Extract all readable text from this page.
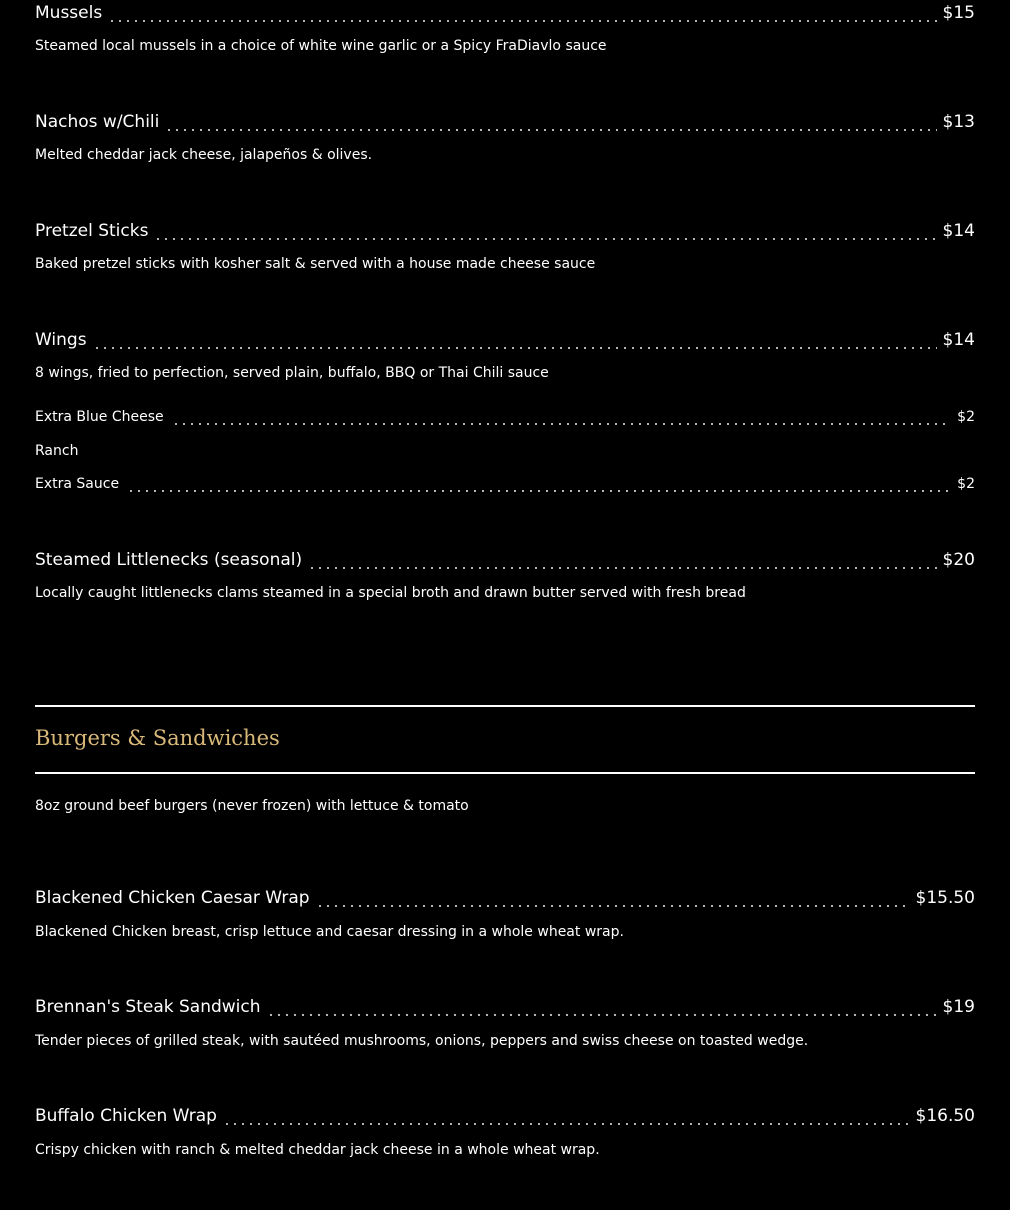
Mussels	$15
Steamed local mussels in a choice of white wine garlic or a Spicy FraDiavlo sauce
Nachos w/Chili	$13
Melted cheddar jack cheese, jalapeños & olives.
Pretzel Sticks	$14
Baked pretzel sticks with kosher salt & served with a house made cheese sauce
Wings	$14
8 wings, fried to perfection, served plain, buffalo, BBQ or Thai Chili sauce
Extra Blue Cheese	$2
Ranch
Extra Sauce	$2
Steamed Littlenecks (seasonal)	$20
Locally caught littlenecks clams steamed in a special broth and drawn butter served with fresh bread
Burgers & Sandwiches
8oz ground beef burgers (never frozen) with lettuce & tomato
Blackened Chicken Caesar Wrap	$15.50
Blackened Chicken breast, crisp lettuce and caesar dressing in a whole wheat wrap.
Brennan's Steak Sandwich	$19
Tender pieces of grilled steak, with sautéed mushrooms, onions, peppers and swiss cheese on toasted wedge.
Buffalo Chicken Wrap	$16.50
Crispy chicken with ranch & melted cheddar jack cheese in a whole wheat wrap.
